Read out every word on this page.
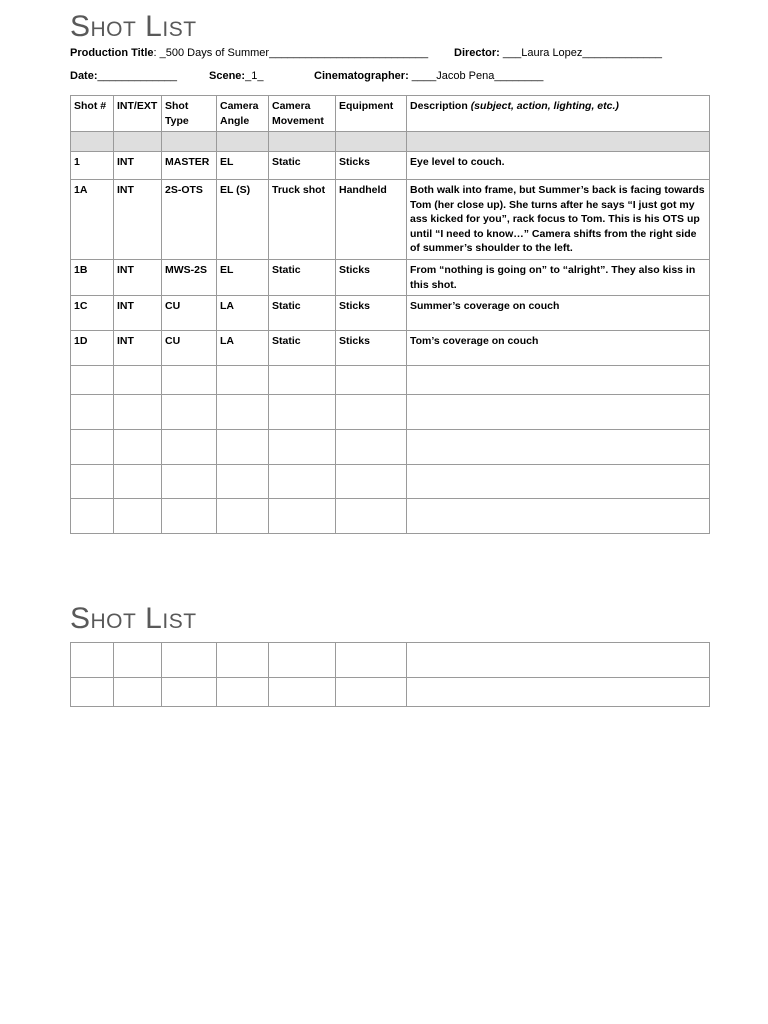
Shot List
Production Title: _500 Days of Summer__________________________ Director: ___Laura Lopez_____________
Date:_____________	Scene:_1_	Cinematographer: ____Jacob Pena________
Shot #	INT/EXT	Shot Type	Camera Angle	Camera Movement	Equipment	Description (subject, action, lighting, etc.)

1	INT	MASTER	EL	Static	Sticks	Eye level to couch.
1A	INT	2S-OTS	EL (S)	Truck shot	Handheld	Both walk into frame, but Summer’s back is facing towards Tom (her close up). She turns after he says “I just got my ass kicked for you”, rack focus to Tom. This is his OTS up until “I need to know…” Camera shifts from the right side of summer’s shoulder to the left.
1B	INT	MWS-2S	EL	Static	Sticks	From “nothing is going on” to “alright”. They also kiss in this shot.
1C	INT	CU	LA	Static	Sticks	Summer’s coverage on couch
1D	INT	CU	LA	Static	Sticks	Tom’s coverage on couch

Shot List
